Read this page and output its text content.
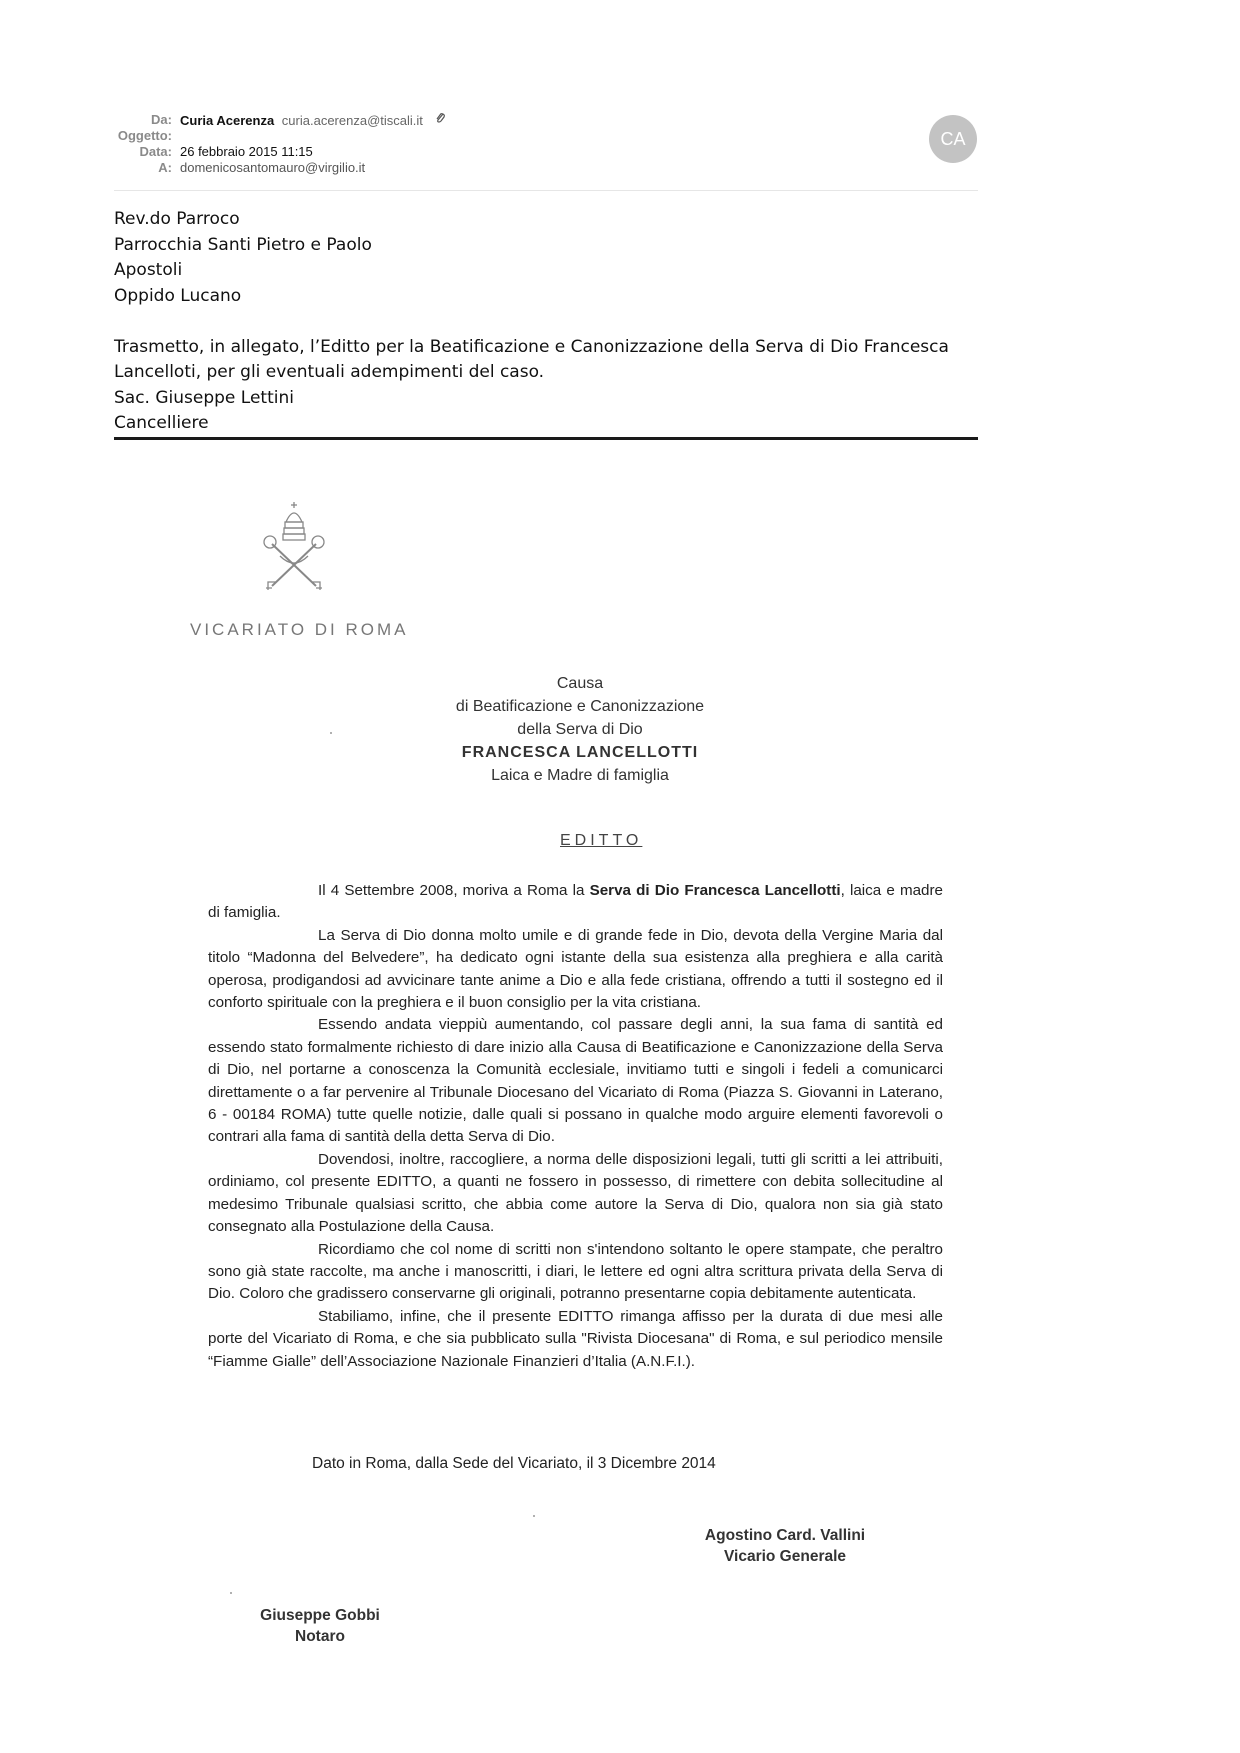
Da: Curia Acerenza curia.acerenza@tiscali.it
Oggetto:
Data: 26 febbraio 2015 11:15
A: domenicosantomauro@virgilio.it
CA
Rev.do Parroco
Parrocchia Santi Pietro e Paolo
Apostoli
Oppido Lucano
Trasmetto, in allegato, l’Editto per la Beatificazione e Canonizzazione della Serva di Dio Francesca
Lancelloti, per gli eventuali adempimenti del caso.
Sac. Giuseppe Lettini
Cancelliere
VICARIATO DI ROMA
Causa
di Beatificazione e Canonizzazione
della Serva di Dio
FRANCESCA LANCELLOTTI
Laica e Madre di famiglia
EDITTO

Il 4 Settembre 2008, moriva a Roma la Serva di Dio Francesca Lancellotti, laica e madre di famiglia.

La Serva di Dio donna molto umile e di grande fede in Dio, devota della Vergine Maria dal titolo “Madonna del Belvedere”, ha dedicato ogni istante della sua esistenza alla preghiera e alla carità operosa, prodigandosi ad avvicinare tante anime a Dio e alla fede cristiana, offrendo a tutti il sostegno ed il conforto spirituale con la preghiera e il buon consiglio per la vita cristiana.

Essendo andata vieppiù aumentando, col passare degli anni, la sua fama di santità ed essendo stato formalmente richiesto di dare inizio alla Causa di Beatificazione e Canonizzazione della Serva di Dio, nel portarne a conoscenza la Comunità ecclesiale, invitiamo tutti e singoli i fedeli a comunicarci direttamente o a far pervenire al Tribunale Diocesano del Vicariato di Roma (Piazza S. Giovanni in Laterano, 6 - 00184 ROMA) tutte quelle notizie, dalle quali si possano in qualche modo arguire elementi favorevoli o contrari alla fama di santità della detta Serva di Dio.

Dovendosi, inoltre, raccogliere, a norma delle disposizioni legali, tutti gli scritti a lei attribuiti, ordiniamo, col presente EDITTO, a quanti ne fossero in possesso, di rimettere con debita sollecitudine al medesimo Tribunale qualsiasi scritto, che abbia come autore la Serva di Dio, qualora non sia già stato consegnato alla Postulazione della Causa.

Ricordiamo che col nome di scritti non s'intendono soltanto le opere stampate, che peraltro sono già state raccolte, ma anche i manoscritti, i diari, le lettere ed ogni altra scrittura privata della Serva di Dio. Coloro che gradissero conservarne gli originali, potranno presentarne copia debitamente autenticata.

Stabiliamo, infine, che il presente EDITTO rimanga affisso per la durata di due mesi alle porte del Vicariato di Roma, e che sia pubblicato sulla "Rivista Diocesana" di Roma, e sul periodico mensile “Fiamme Gialle” dell’Associazione Nazionale Finanzieri d’Italia (A.N.F.I.).

Dato in Roma, dalla Sede del Vicariato, il 3 Dicembre 2014
Agostino Card. Vallini
Vicario Generale
Giuseppe Gobbi
Notaro
